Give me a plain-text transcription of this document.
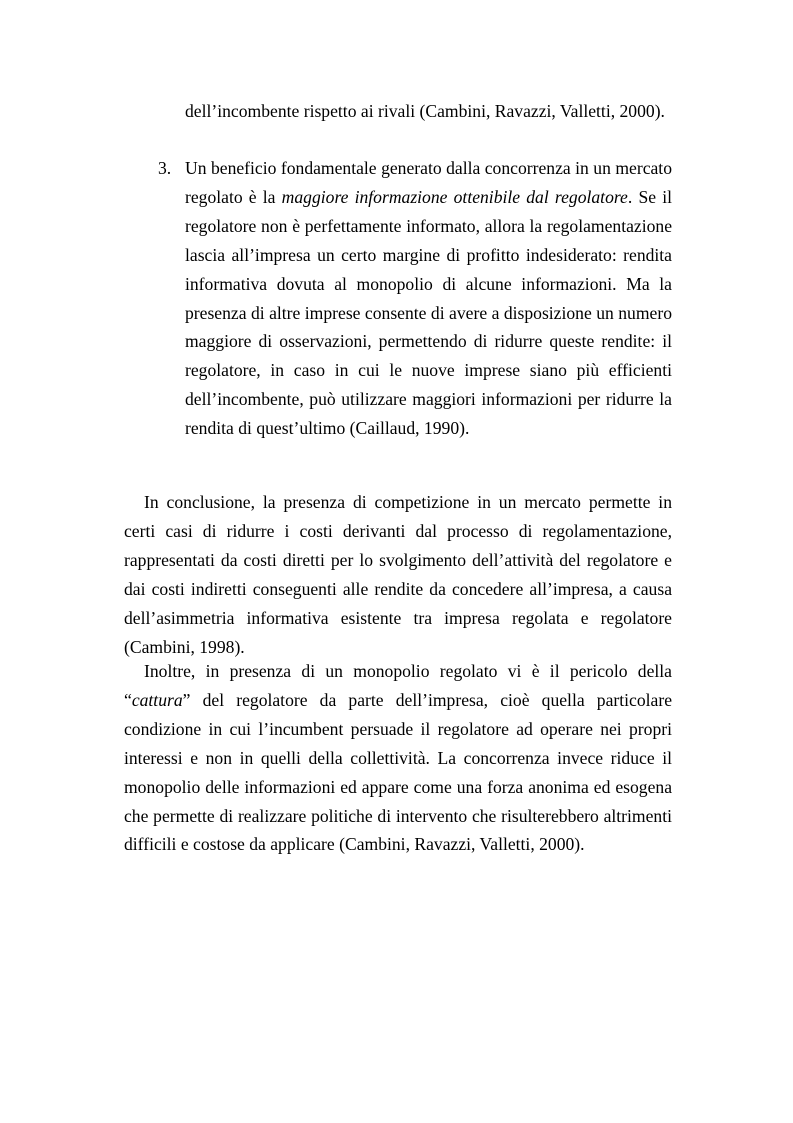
dell’incombente rispetto ai rivali (Cambini, Ravazzi, Valletti, 2000).
3. Un beneficio fondamentale generato dalla concorrenza in un mercato regolato è la maggiore informazione ottenibile dal regolatore. Se il regolatore non è perfettamente informato, allora la regolamentazione lascia all’impresa un certo margine di profitto indesiderato: rendita informativa dovuta al monopolio di alcune informazioni. Ma la presenza di altre imprese consente di avere a disposizione un numero maggiore di osservazioni, permettendo di ridurre queste rendite: il regolatore, in caso in cui le nuove imprese siano più efficienti dell’incombente, può utilizzare maggiori informazioni per ridurre la rendita di quest’ultimo (Caillaud, 1990).

In conclusione, la presenza di competizione in un mercato permette in certi casi di ridurre i costi derivanti dal processo di regolamentazione, rappresentati da costi diretti per lo svolgimento dell’attività del regolatore e dai costi indiretti conseguenti alle rendite da concedere all’impresa, a causa dell’asimmetria informativa esistente tra impresa regolata e regolatore (Cambini, 1998).

Inoltre, in presenza di un monopolio regolato vi è il pericolo della “cattura” del regolatore da parte dell’impresa, cioè quella particolare condizione in cui l’incumbent persuade il regolatore ad operare nei propri interessi e non in quelli della collettività. La concorrenza invece riduce il monopolio delle informazioni ed appare come una forza anonima ed esogena che permette di realizzare politiche di intervento che risulterebbero altrimenti difficili e costose da applicare (Cambini, Ravazzi, Valletti, 2000).
